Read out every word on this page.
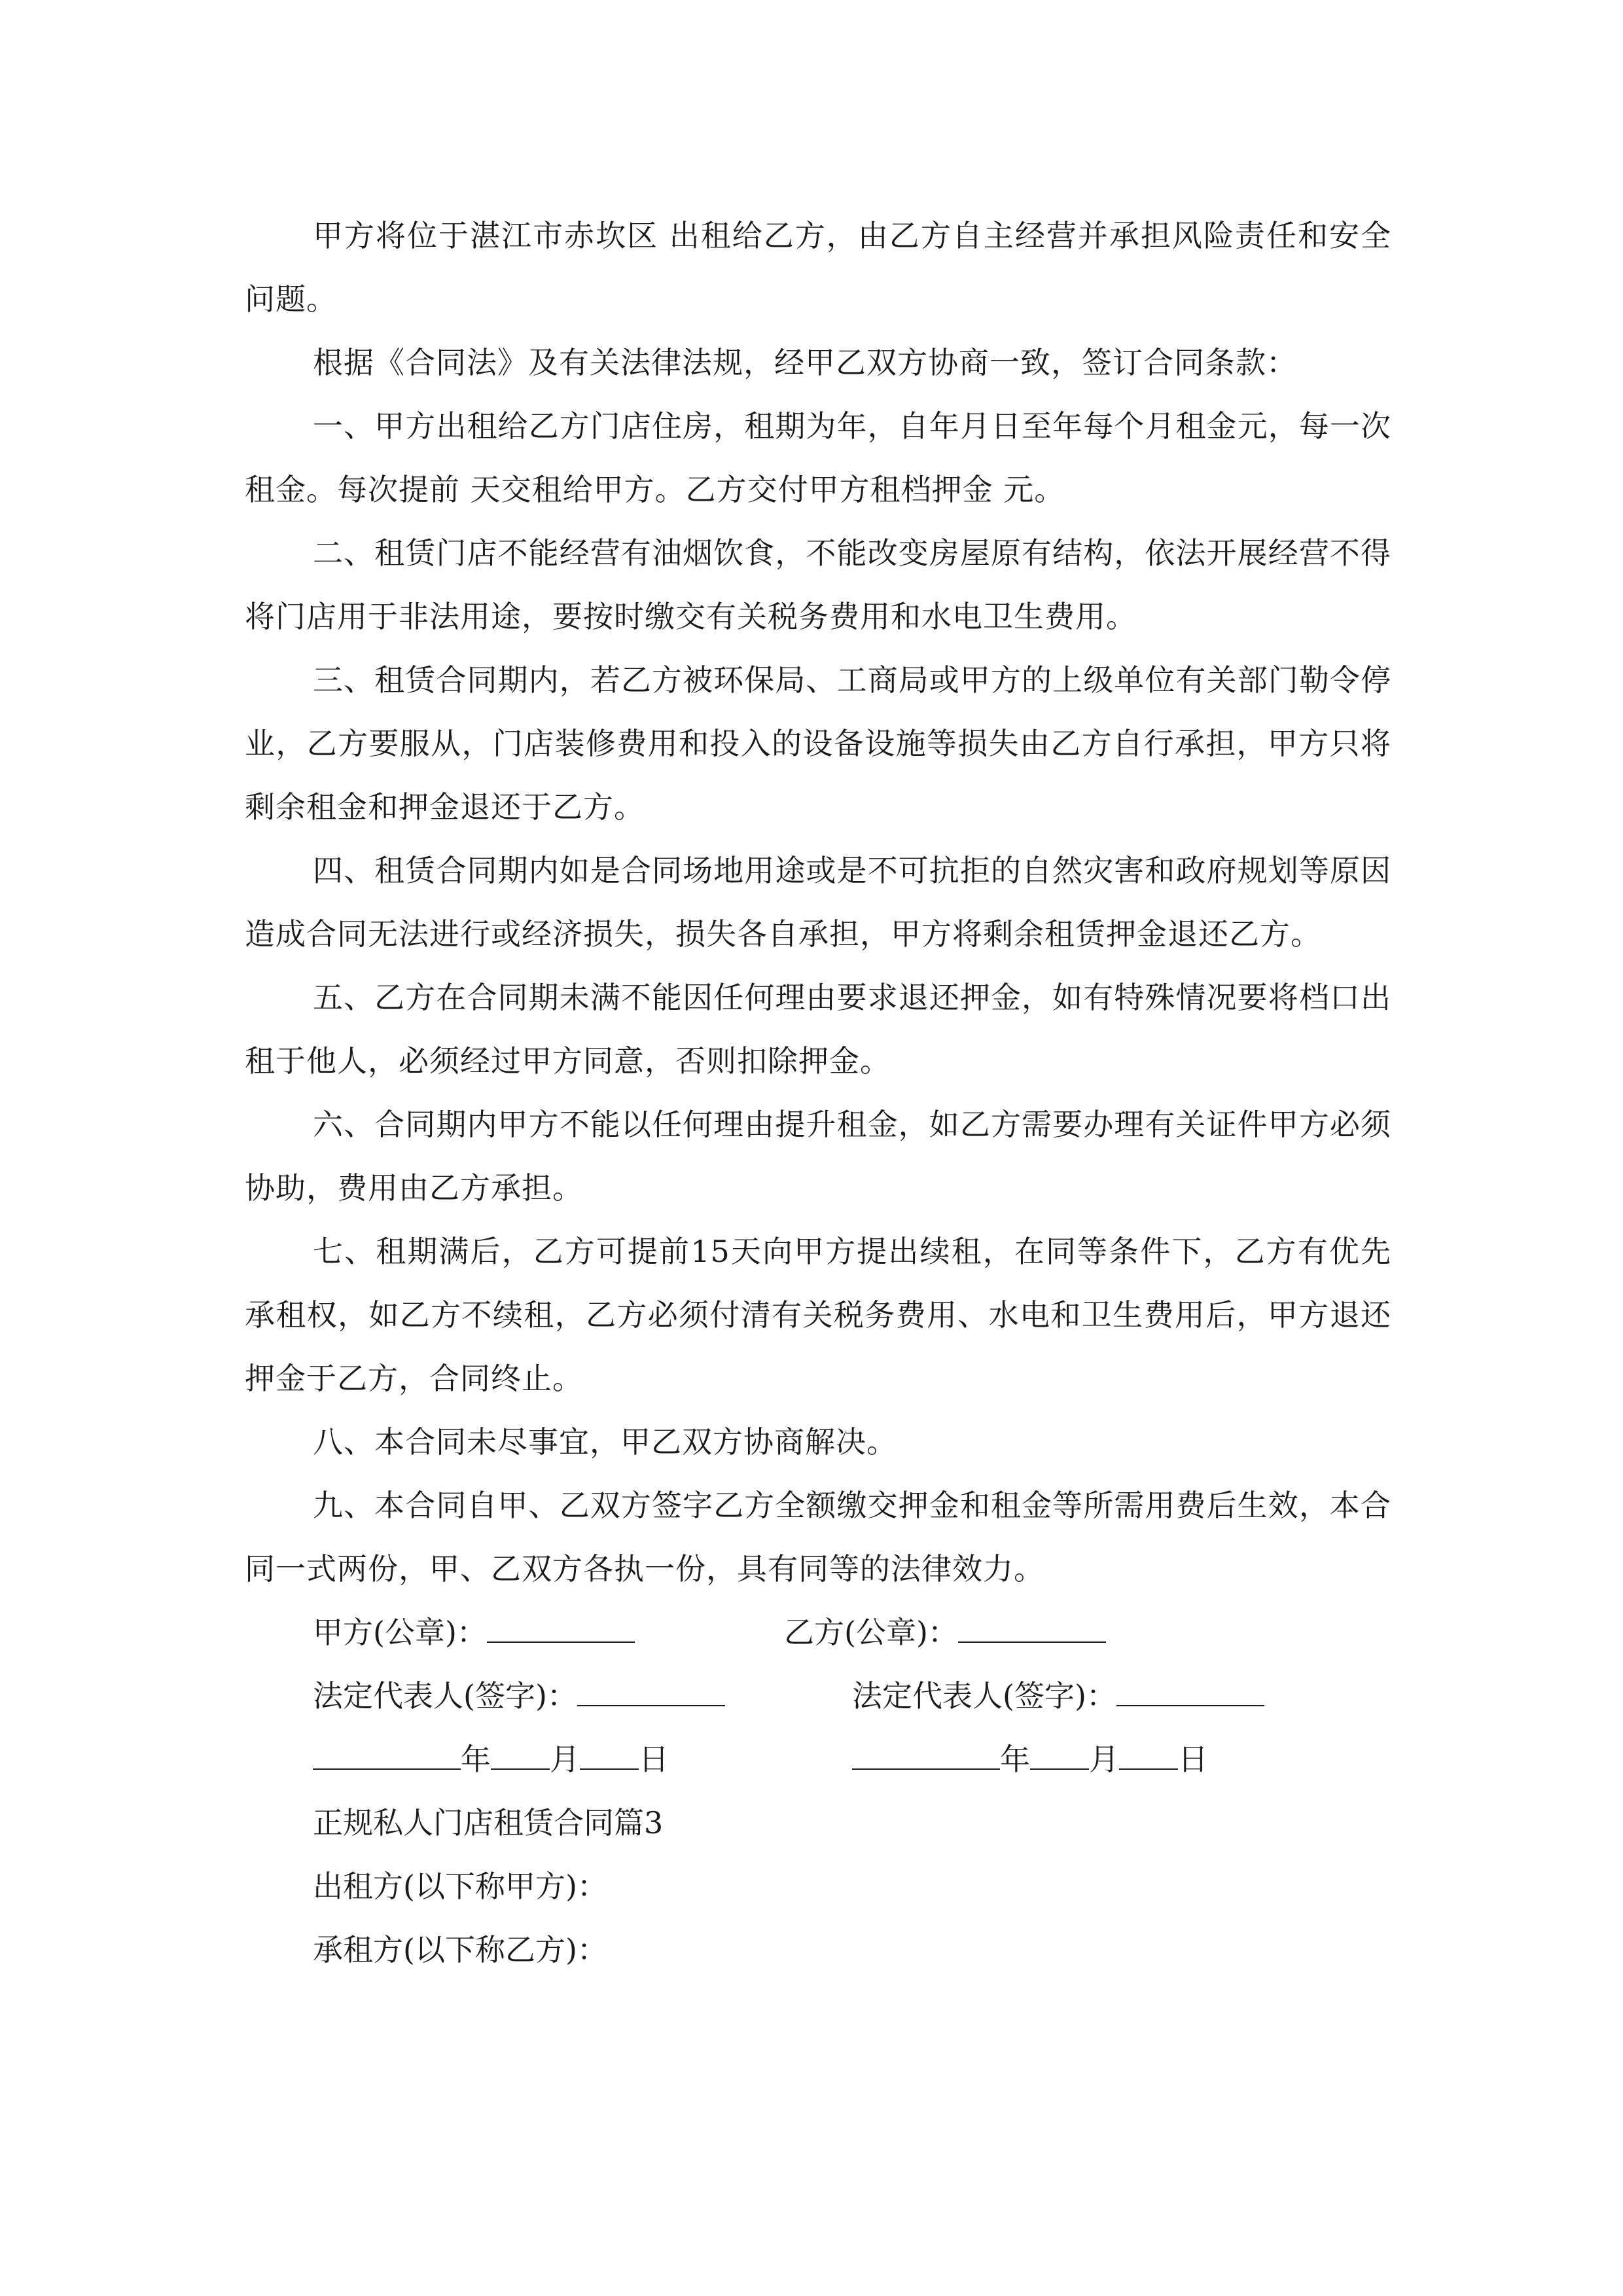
甲方将位于湛江市赤坎区 出租给乙方，由乙方自主经营并承担风险责任和安全问题。

根据《合同法》及有关法律法规，经甲乙双方协商一致，签订合同条款：

一、甲方出租给乙方门店住房，租期为年，自年月日至年每个月租金元，每一次租金。每次提前 天交租给甲方。乙方交付甲方租档押金 元。

二、租赁门店不能经营有油烟饮食，不能改变房屋原有结构，依法开展经营不得将门店用于非法用途，要按时缴交有关税务费用和水电卫生费用。

三、租赁合同期内，若乙方被环保局、工商局或甲方的上级单位有关部门勒令停业，乙方要服从，门店装修费用和投入的设备设施等损失由乙方自行承担，甲方只将剩余租金和押金退还于乙方。

四、租赁合同期内如是合同场地用途或是不可抗拒的自然灾害和政府规划等原因造成合同无法进行或经济损失，损失各自承担，甲方将剩余租赁押金退还乙方。

五、乙方在合同期未满不能因任何理由要求退还押金，如有特殊情况要将档口出租于他人，必须经过甲方同意，否则扣除押金。

六、合同期内甲方不能以任何理由提升租金，如乙方需要办理有关证件甲方必须协助，费用由乙方承担。

七、租期满后，乙方可提前15天向甲方提出续租，在同等条件下，乙方有优先承租权，如乙方不续租，乙方必须付清有关税务费用、水电和卫生费用后，甲方退还押金于乙方，合同终止。

八、本合同未尽事宜，甲乙双方协商解决。

九、本合同自甲、乙双方签字乙方全额缴交押金和租金等所需用费后生效，本合同一式两份，甲、乙双方各执一份，具有同等的法律效力。

甲方(公章)：	乙方(公章)：
法定代表人(签字)：	法定代表人(签字)：
年 月 日	年 月 日
正规私人门店租赁合同篇3
出租方(以下称甲方)：
承租方(以下称乙方)：
